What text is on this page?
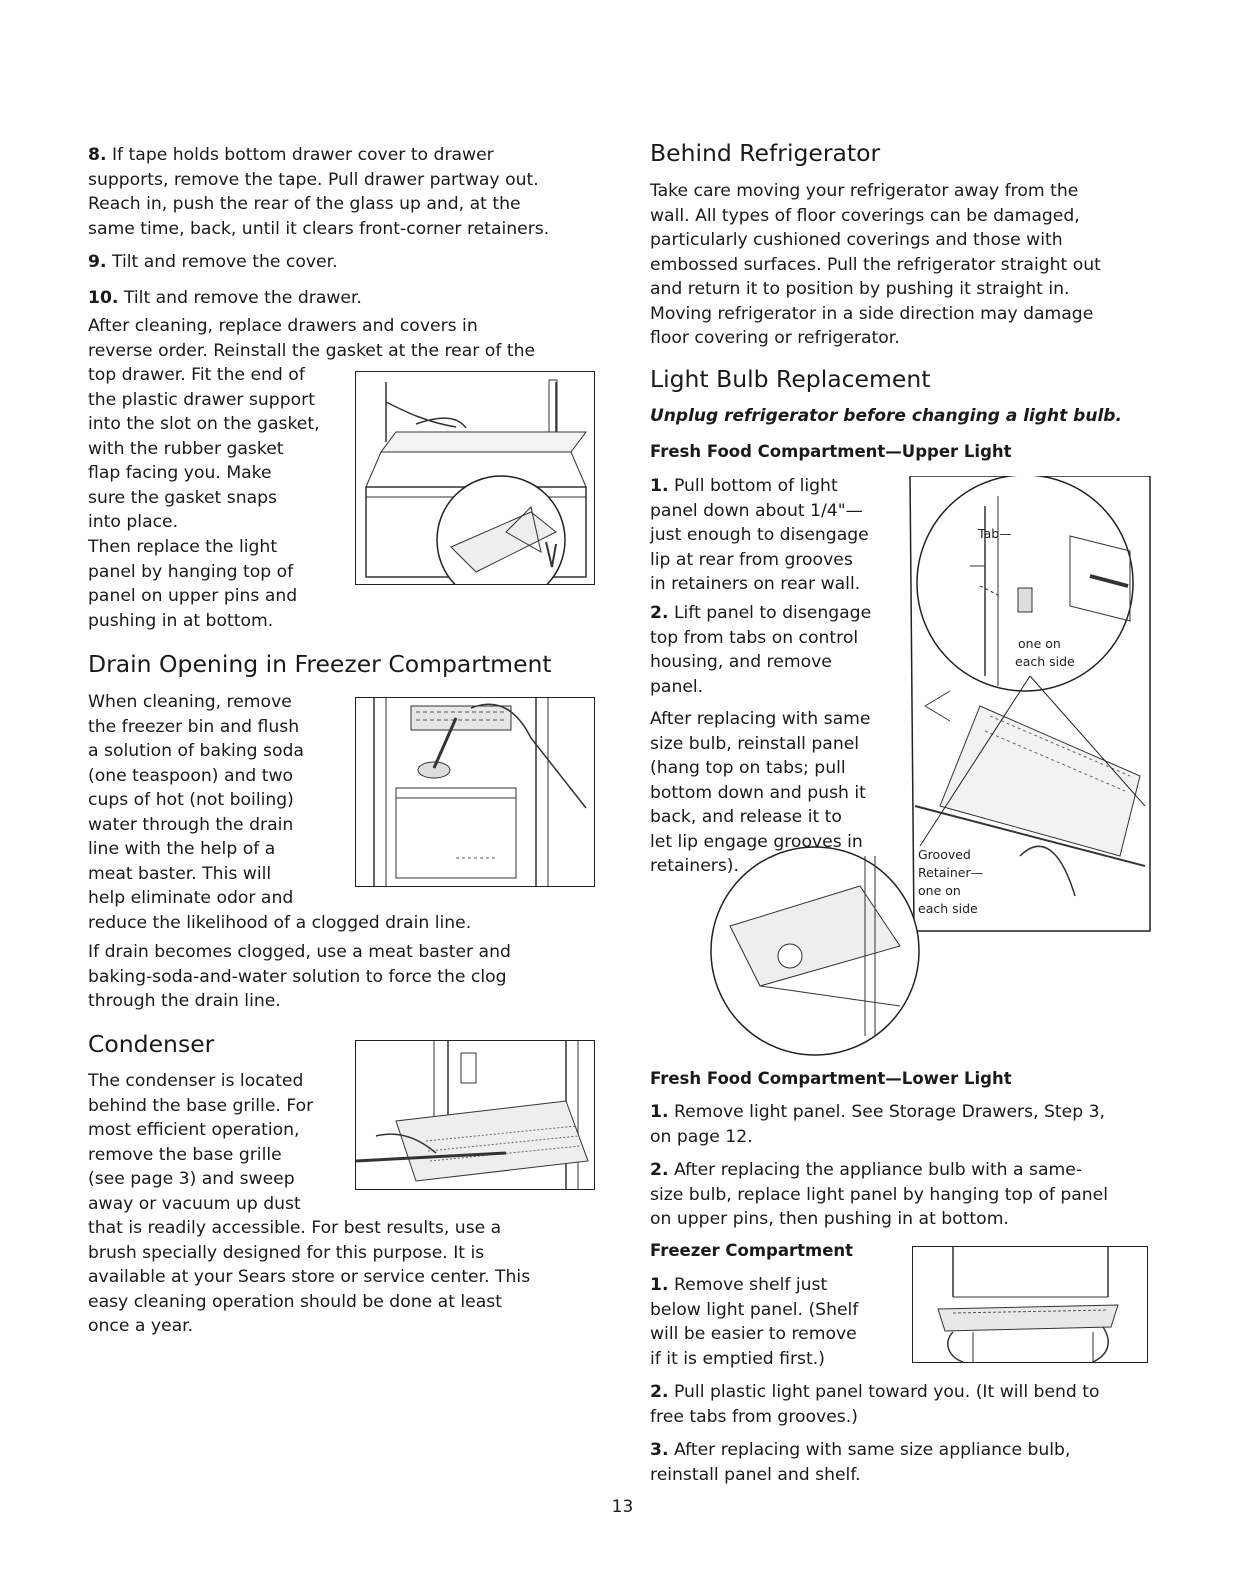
8. If tape holds bottom drawer cover to drawer
supports, remove the tape. Pull drawer partway out.
Reach in, push the rear of the glass up and, at the
same time, back, until it clears front-corner retainers.

9. Tilt and remove the cover.

10. Tilt and remove the drawer.

After cleaning, replace drawers and covers in
reverse order. Reinstall the gasket at the rear of the
top drawer. Fit the end of
the plastic drawer support
into the slot on the gasket,
with the rubber gasket
flap facing you. Make
sure the gasket snaps
into place.

Then replace the light
panel by hanging top of
panel on upper pins and
pushing in at bottom.

Drain Opening in Freezer Compartment

When cleaning, remove
the freezer bin and flush
a solution of baking soda
(one teaspoon) and two
cups of hot (not boiling)
water through the drain
line with the help of a
meat baster. This will
help eliminate odor and
reduce the likelihood of a clogged drain line.

If drain becomes clogged, use a meat baster and
baking-soda-and-water solution to force the clog
through the drain line.

Condenser

The condenser is located
behind the base grille. For
most efficient operation,
remove the base grille
(see page 3) and sweep
away or vacuum up dust
that is readily accessible. For best results, use a
brush specially designed for this purpose. It is
available at your Sears store or service center. This
easy cleaning operation should be done at least
once a year.

Behind Refrigerator

Take care moving your refrigerator away from the
wall. All types of floor coverings can be damaged,
particularly cushioned coverings and those with
embossed surfaces. Pull the refrigerator straight out
and return it to position by pushing it straight in.
Moving refrigerator in a side direction may damage
floor covering or refrigerator.

Light Bulb Replacement

Unplug refrigerator before changing a light bulb.

Fresh Food Compartment—Upper Light

1. Pull bottom of light
panel down about 1/4"—
just enough to disengage
lip at rear from grooves
in retainers on rear wall.

2. Lift panel to disengage
top from tabs on control
housing, and remove
panel.

After replacing with same
size bulb, reinstall panel
(hang top on tabs; pull
bottom down and push it
back, and release it to
let lip engage grooves in
retainers).

Tab—
one on
each side
Grooved
Retainer—
one on
each side

Fresh Food Compartment—Lower Light

1. Remove light panel. See Storage Drawers, Step 3,
on page 12.

2. After replacing the appliance bulb with a same-
size bulb, replace light panel by hanging top of panel
on upper pins, then pushing in at bottom.

Freezer Compartment

1. Remove shelf just
below light panel. (Shelf
will be easier to remove
if it is emptied first.)

2. Pull plastic light panel toward you. (It will bend to
free tabs from grooves.)

3. After replacing with same size appliance bulb,
reinstall panel and shelf.

13
